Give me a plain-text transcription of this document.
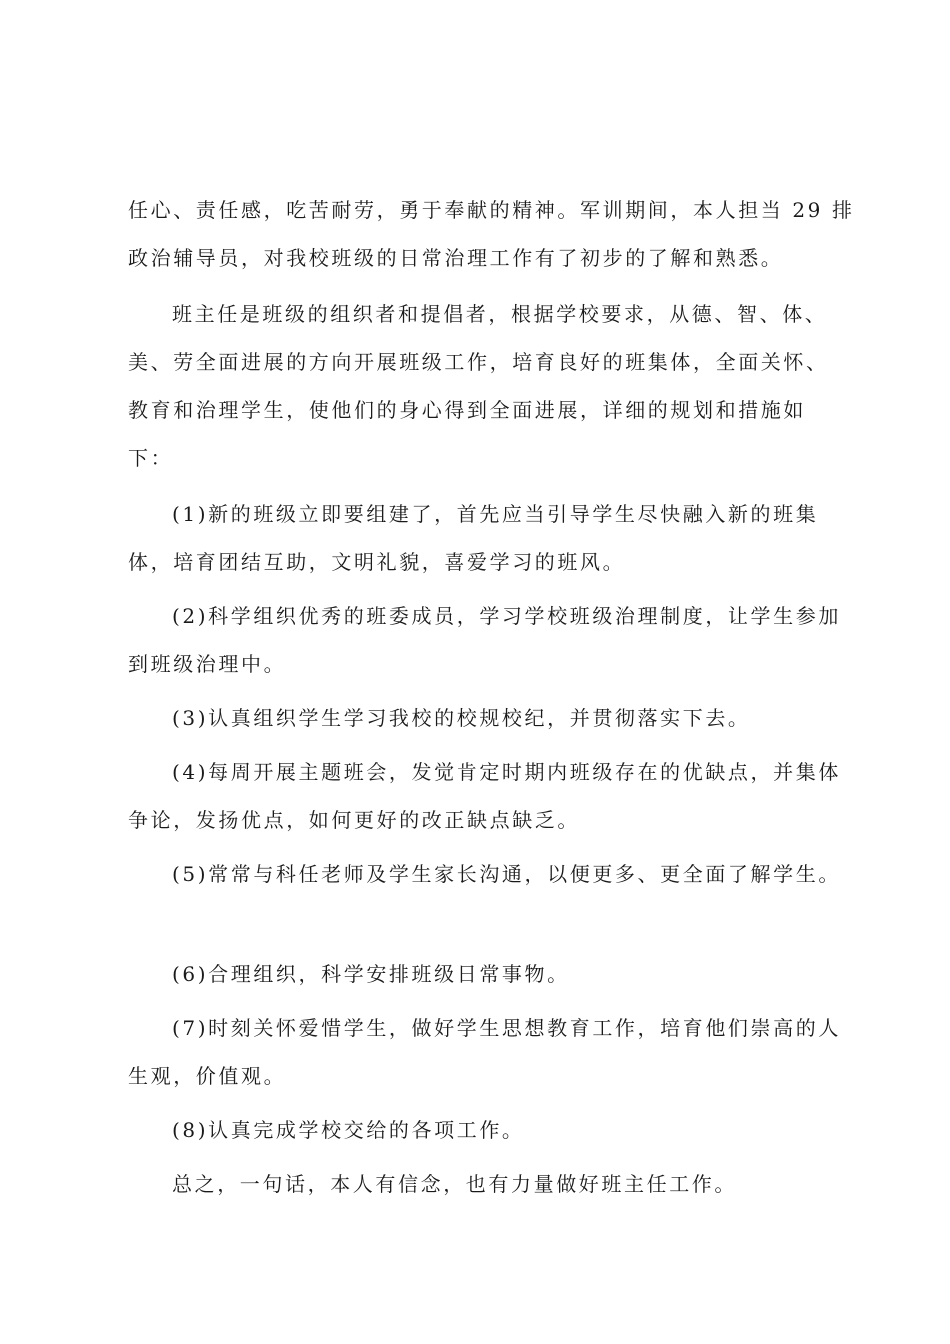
任心、责任感，吃苦耐劳，勇于奉献的精神。军训期间，本人担当 29 排
政治辅导员，对我校班级的日常治理工作有了初步的了解和熟悉。
班主任是班级的组织者和提倡者，根据学校要求，从德、智、体、
美、劳全面进展的方向开展班级工作，培育良好的班集体，全面关怀、
教育和治理学生，使他们的身心得到全面进展，详细的规划和措施如
下：
(1)新的班级立即要组建了，首先应当引导学生尽快融入新的班集
体，培育团结互助，文明礼貌，喜爱学习的班风。
(2)科学组织优秀的班委成员，学习学校班级治理制度，让学生参加
到班级治理中。
(3)认真组织学生学习我校的校规校纪，并贯彻落实下去。
(4)每周开展主题班会，发觉肯定时期内班级存在的优缺点，并集体
争论，发扬优点，如何更好的改正缺点缺乏。
(5)常常与科任老师及学生家长沟通，以便更多、更全面了解学生。
(6)合理组织，科学安排班级日常事物。
(7)时刻关怀爱惜学生，做好学生思想教育工作，培育他们崇高的人
生观，价值观。
(8)认真完成学校交给的各项工作。
总之，一句话，本人有信念，也有力量做好班主任工作。
